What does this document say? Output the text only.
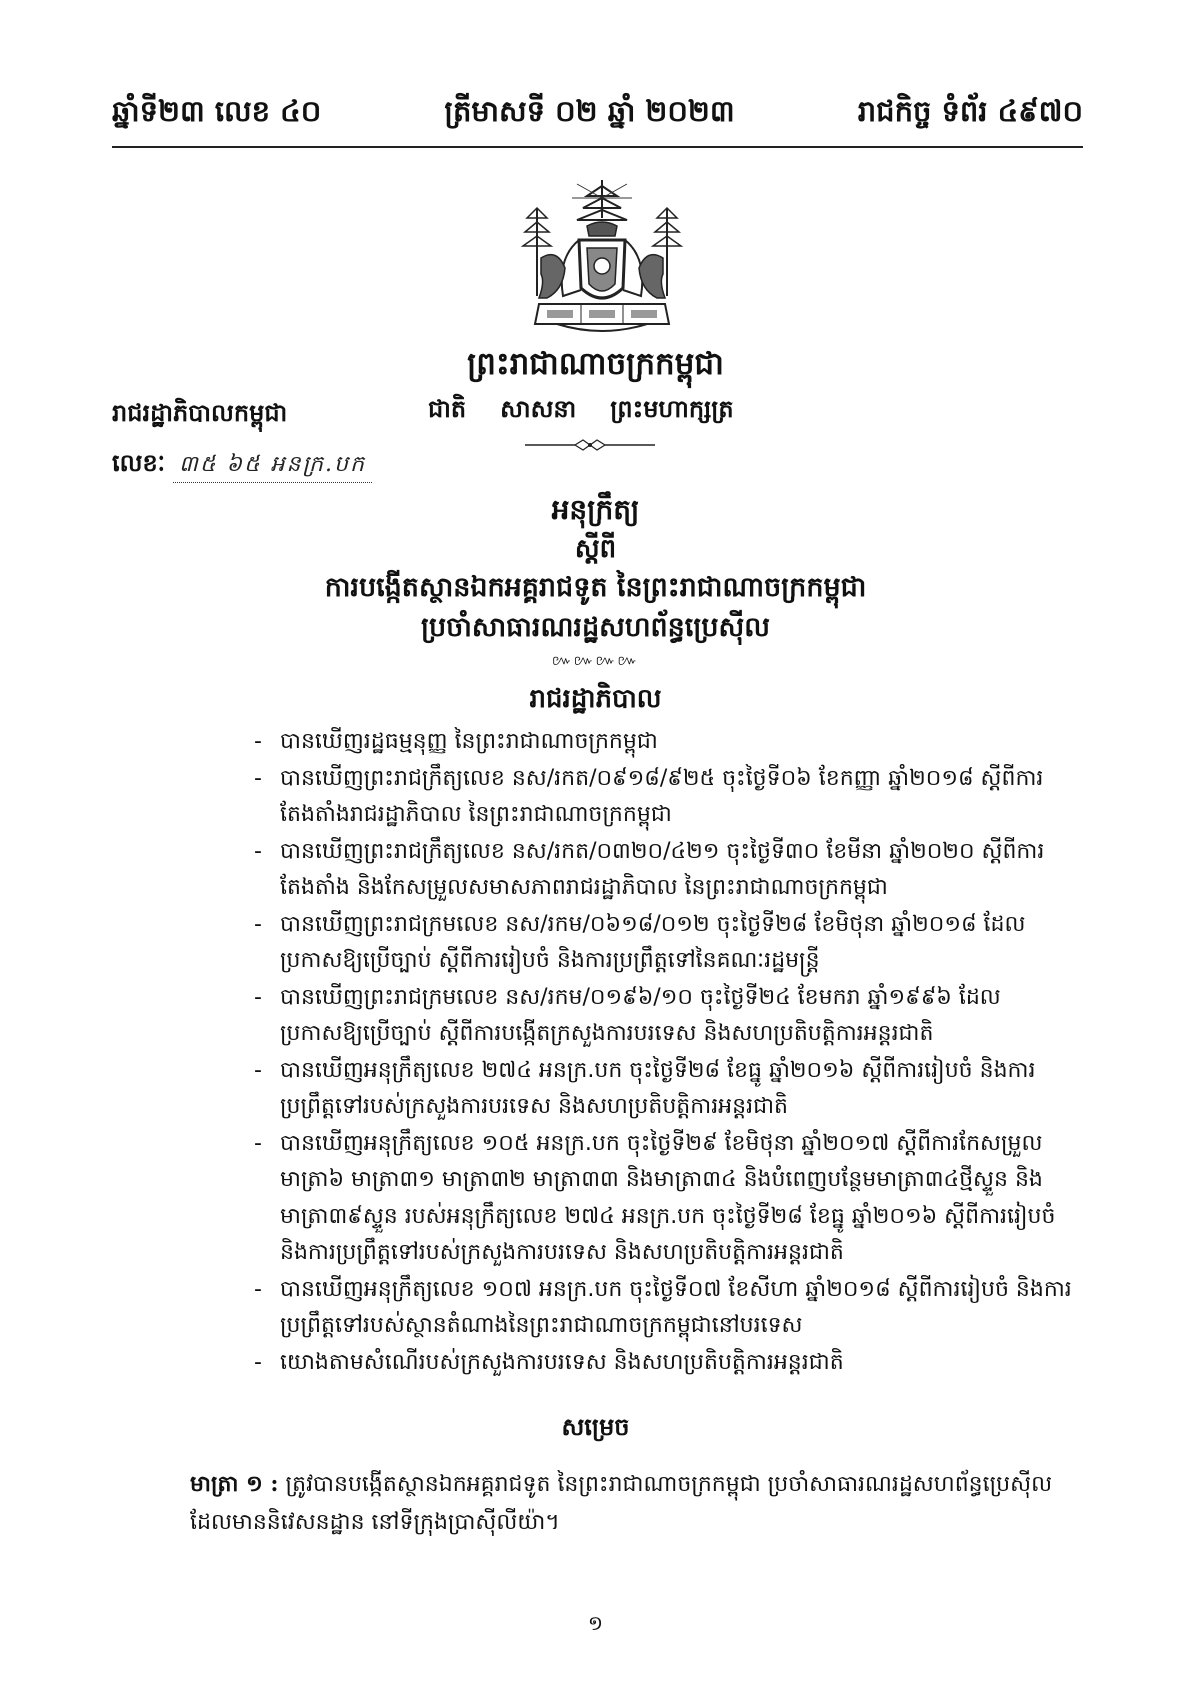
ឆ្នាំទី២៣ លេខ ៤០	ត្រីមាសទី ០២ ឆ្នាំ ២០២៣	រាជកិច្ច ទំព័រ ៤៩៧០
ព្រះរាជាណាចក្រកម្ពុជា
រាជរដ្ឋាភិបាលកម្ពុជា	ជាតិ សាសនា ព្រះមហាក្សត្រ
លេខៈ ៣៥ ៦៥ អនក្រ.បក
អនុក្រឹត្យ
ស្តីពី
ការបង្កើតស្ថានឯកអគ្គរាជទូត នៃព្រះរាជាណាចក្រកម្ពុជា
ប្រចាំសាធារណរដ្ឋសហព័ន្ធប្រេស៊ីល
៚៚៚៚
រាជរដ្ឋាភិបាល
- បានឃើញរដ្ឋធម្មនុញ្ញ នៃព្រះរាជាណាចក្រកម្ពុជា
- បានឃើញព្រះរាជក្រឹត្យលេខ នស/រកត/០៩១៨/៩២៥ ចុះថ្ងៃទី០៦ ខែកញ្ញា ឆ្នាំ២០១៨ ស្តីពីការតែងតាំងរាជរដ្ឋាភិបាល នៃព្រះរាជាណាចក្រកម្ពុជា
- បានឃើញព្រះរាជក្រឹត្យលេខ នស/រកត/០៣២០/៤២១ ចុះថ្ងៃទី៣០ ខែមីនា ឆ្នាំ២០២០ ស្តីពីការតែងតាំង និងកែសម្រួលសមាសភាពរាជរដ្ឋាភិបាល នៃព្រះរាជាណាចក្រកម្ពុជា
- បានឃើញព្រះរាជក្រមលេខ នស/រកម/០៦១៨/០១២ ចុះថ្ងៃទី២៨ ខែមិថុនា ឆ្នាំ២០១៨ ដែលប្រកាសឱ្យប្រើច្បាប់ ស្តីពីការរៀបចំ និងការប្រព្រឹត្តទៅនៃគណៈរដ្ឋមន្ត្រី
- បានឃើញព្រះរាជក្រមលេខ នស/រកម/០១៩៦/១០ ចុះថ្ងៃទី២៤ ខែមករា ឆ្នាំ១៩៩៦ ដែលប្រកាសឱ្យប្រើច្បាប់ ស្តីពីការបង្កើតក្រសួងការបរទេស និងសហប្រតិបត្តិការអន្តរជាតិ
- បានឃើញអនុក្រឹត្យលេខ ២៧៤ អនក្រ.បក ចុះថ្ងៃទី២៨ ខែធ្នូ ឆ្នាំ២០១៦ ស្តីពីការរៀបចំ និងការប្រព្រឹត្តទៅរបស់ក្រសួងការបរទេស និងសហប្រតិបត្តិការអន្តរជាតិ
- បានឃើញអនុក្រឹត្យលេខ ១០៥ អនក្រ.បក ចុះថ្ងៃទី២៩ ខែមិថុនា ឆ្នាំ២០១៧ ស្តីពីការកែសម្រួលមាត្រា៦ មាត្រា៣១ មាត្រា៣២ មាត្រា៣៣ និងមាត្រា៣៤ និងបំពេញបន្ថែមមាត្រា៣៤ថ្មីស្ទួន និងមាត្រា៣៩ស្ទួន របស់អនុក្រឹត្យលេខ ២៧៤ អនក្រ.បក ចុះថ្ងៃទី២៨ ខែធ្នូ ឆ្នាំ២០១៦ ស្តីពីការរៀបចំ និងការប្រព្រឹត្តទៅរបស់ក្រសួងការបរទេស និងសហប្រតិបត្តិការអន្តរជាតិ
- បានឃើញអនុក្រឹត្យលេខ ១០៧ អនក្រ.បក ចុះថ្ងៃទី០៧ ខែសីហា ឆ្នាំ២០១៨ ស្តីពីការរៀបចំ និងការប្រព្រឹត្តទៅរបស់ស្ថានតំណាងនៃព្រះរាជាណាចក្រកម្ពុជានៅបរទេស
- យោងតាមសំណើរបស់ក្រសួងការបរទេស និងសហប្រតិបត្តិការអន្តរជាតិ
សម្រេច
មាត្រា ១ : ត្រូវបានបង្កើតស្ថានឯកអគ្គរាជទូត នៃព្រះរាជាណាចក្រកម្ពុជា ប្រចាំសាធារណរដ្ឋសហព័ន្ធប្រេស៊ីល ដែលមាននិវេសនដ្ឋាន នៅទីក្រុងប្រាស៊ីលីយ៉ា។
១
